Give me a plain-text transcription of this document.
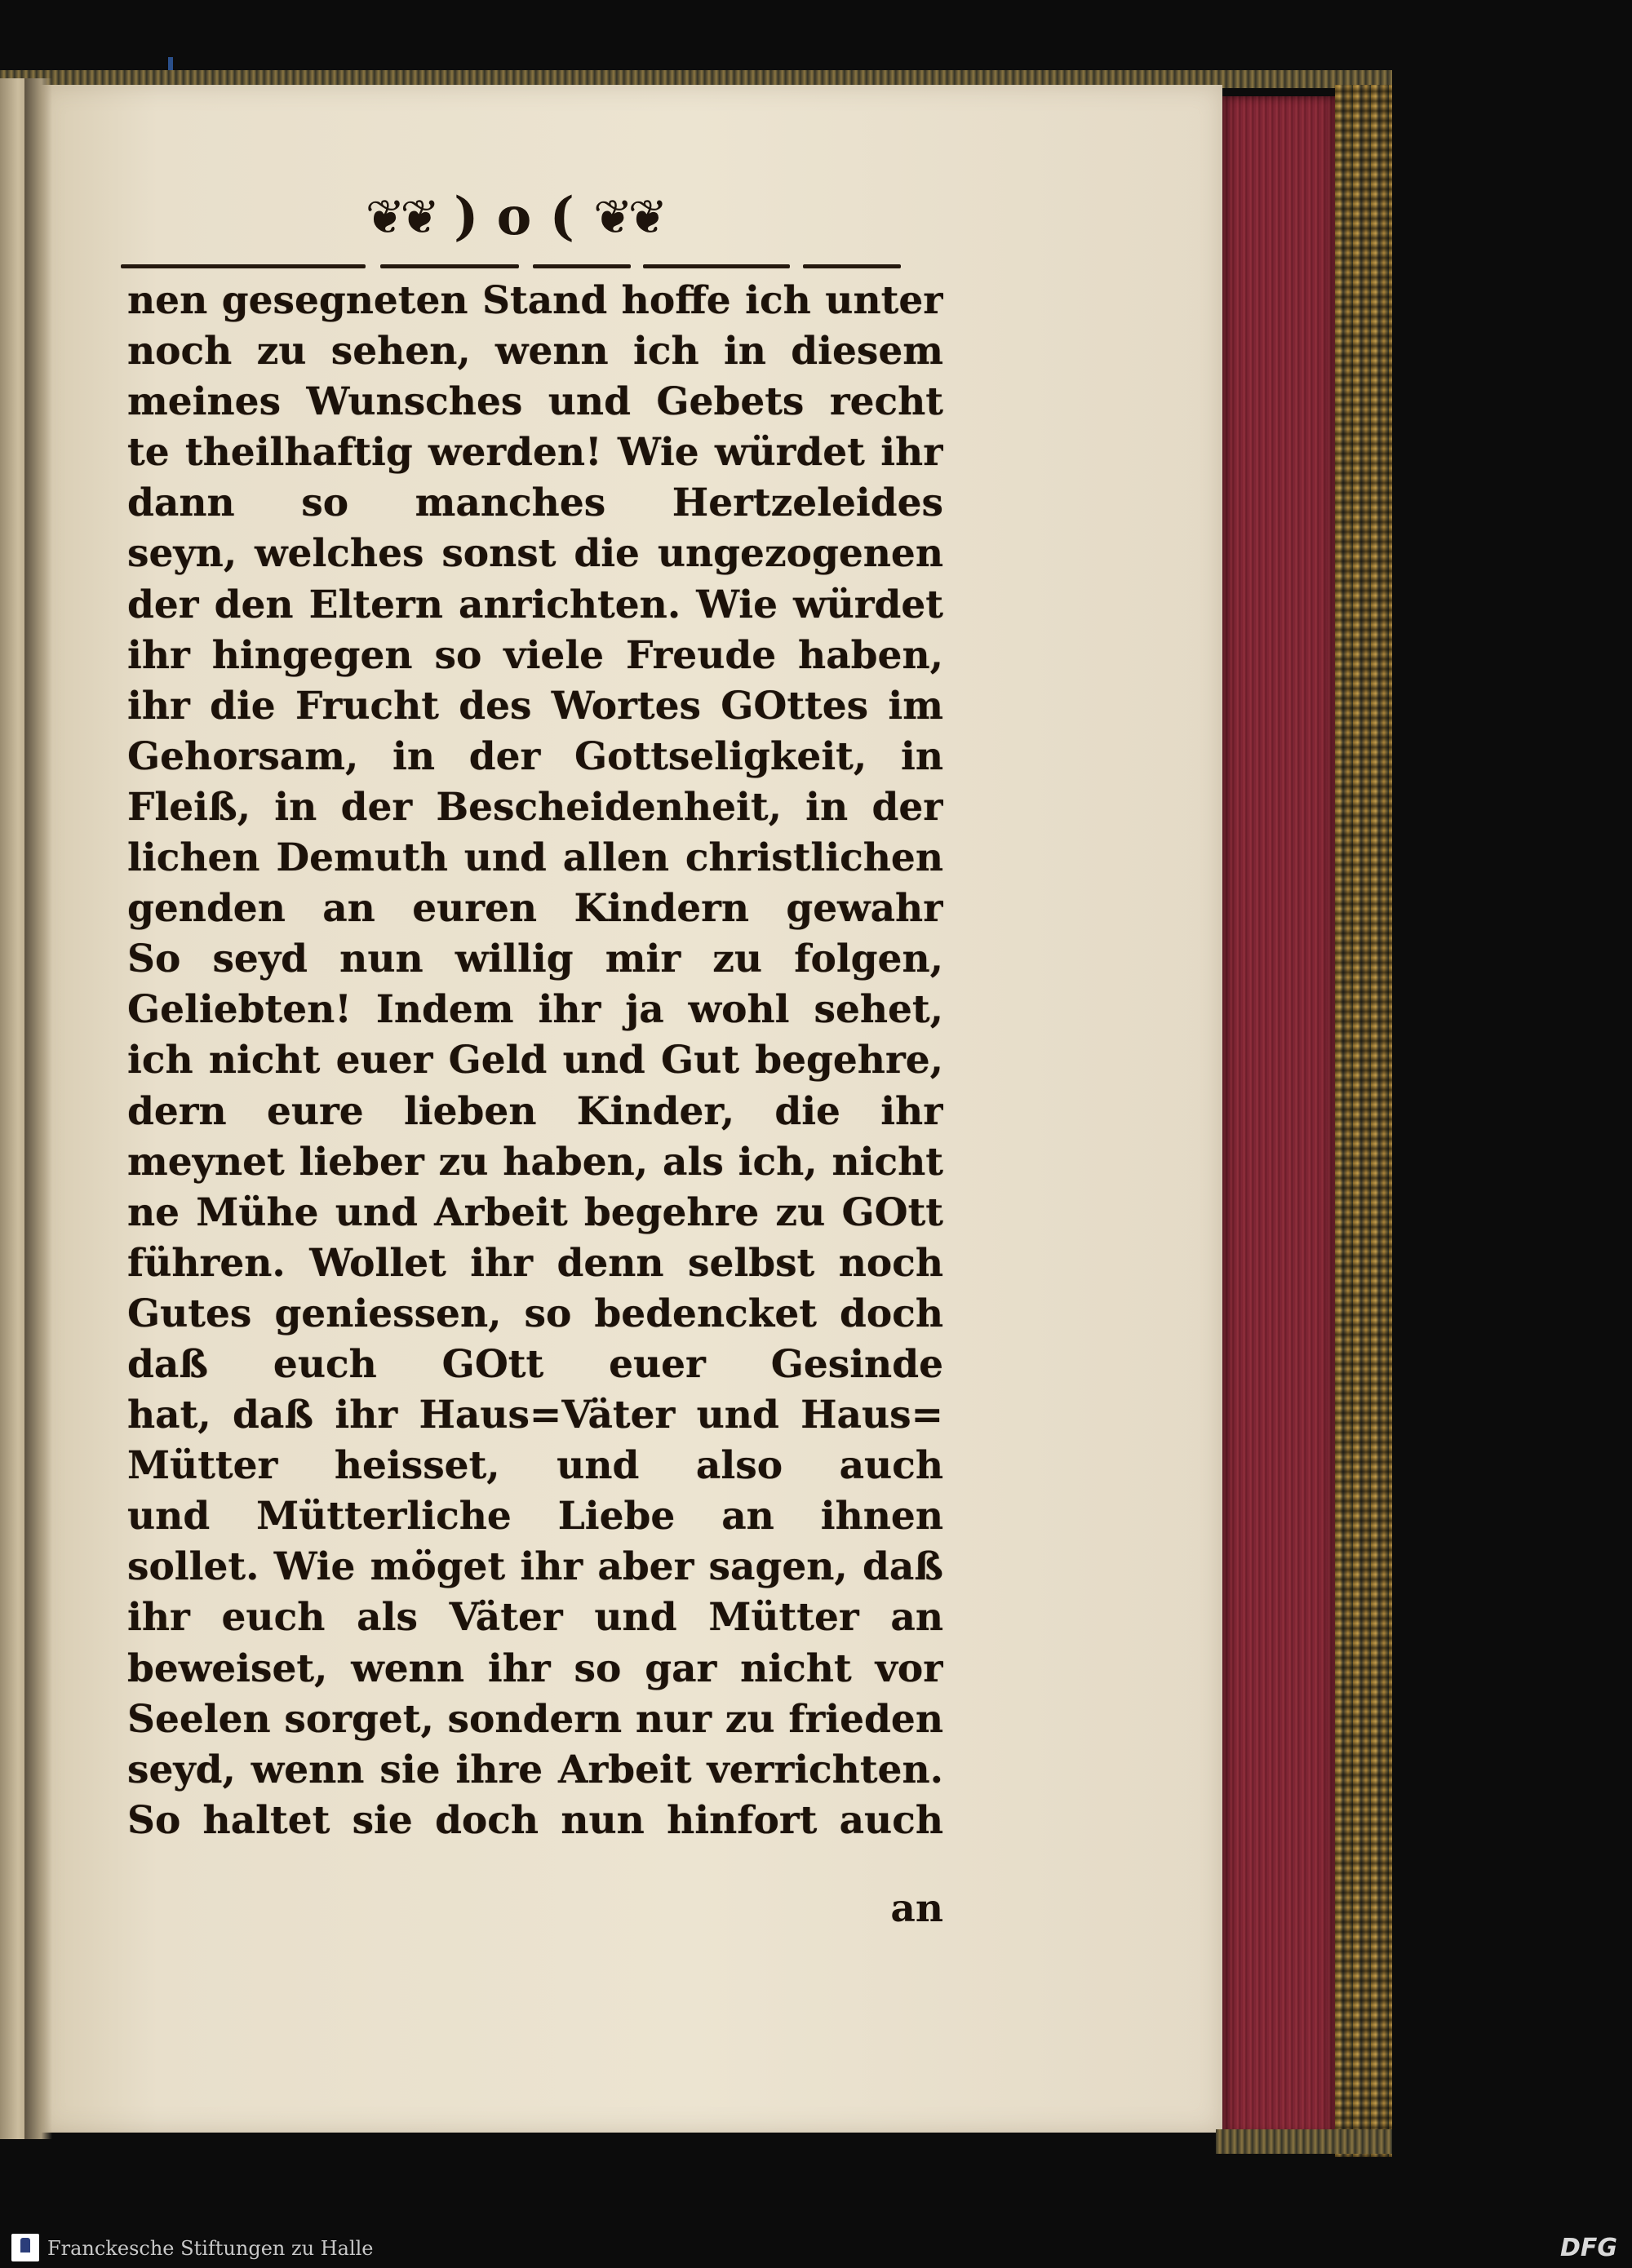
❦❦ ) o ( ❦❦
nen gesegneten Stand hoffe ich unter
noch zu sehen, wenn ich in diesem
meines Wunsches und Gebets recht
te theilhaftig werden! Wie würdet ihr
dann so manches Hertzeleides
seyn, welches sonst die ungezogenen
der den Eltern anrichten. Wie würdet
ihr hingegen so viele Freude haben,
ihr die Frucht des Wortes GOttes im
Gehorsam, in der Gottseligkeit, in
Fleiß, in der Bescheidenheit, in der
lichen Demuth und allen christlichen
genden an euren Kindern gewahr
So seyd nun willig mir zu folgen,
Geliebten! Indem ihr ja wohl sehet,
ich nicht euer Geld und Gut begehre,
dern eure lieben Kinder, die ihr
meynet lieber zu haben, als ich, nicht
ne Mühe und Arbeit begehre zu GOtt
führen. Wollet ihr denn selbst noch
Gutes geniessen, so bedencket doch
daß euch GOtt euer Gesinde
hat, daß ihr Haus=Väter und Haus=
Mütter heisset, und also auch
und Mütterliche Liebe an ihnen
sollet. Wie möget ihr aber sagen, daß
ihr euch als Väter und Mütter an
beweiset, wenn ihr so gar nicht vor
Seelen sorget, sondern nur zu frieden
seyd, wenn sie ihre Arbeit verrichten.
So haltet sie doch nun hinfort auch
an
Franckesche Stiftungen zu Halle	DFG
